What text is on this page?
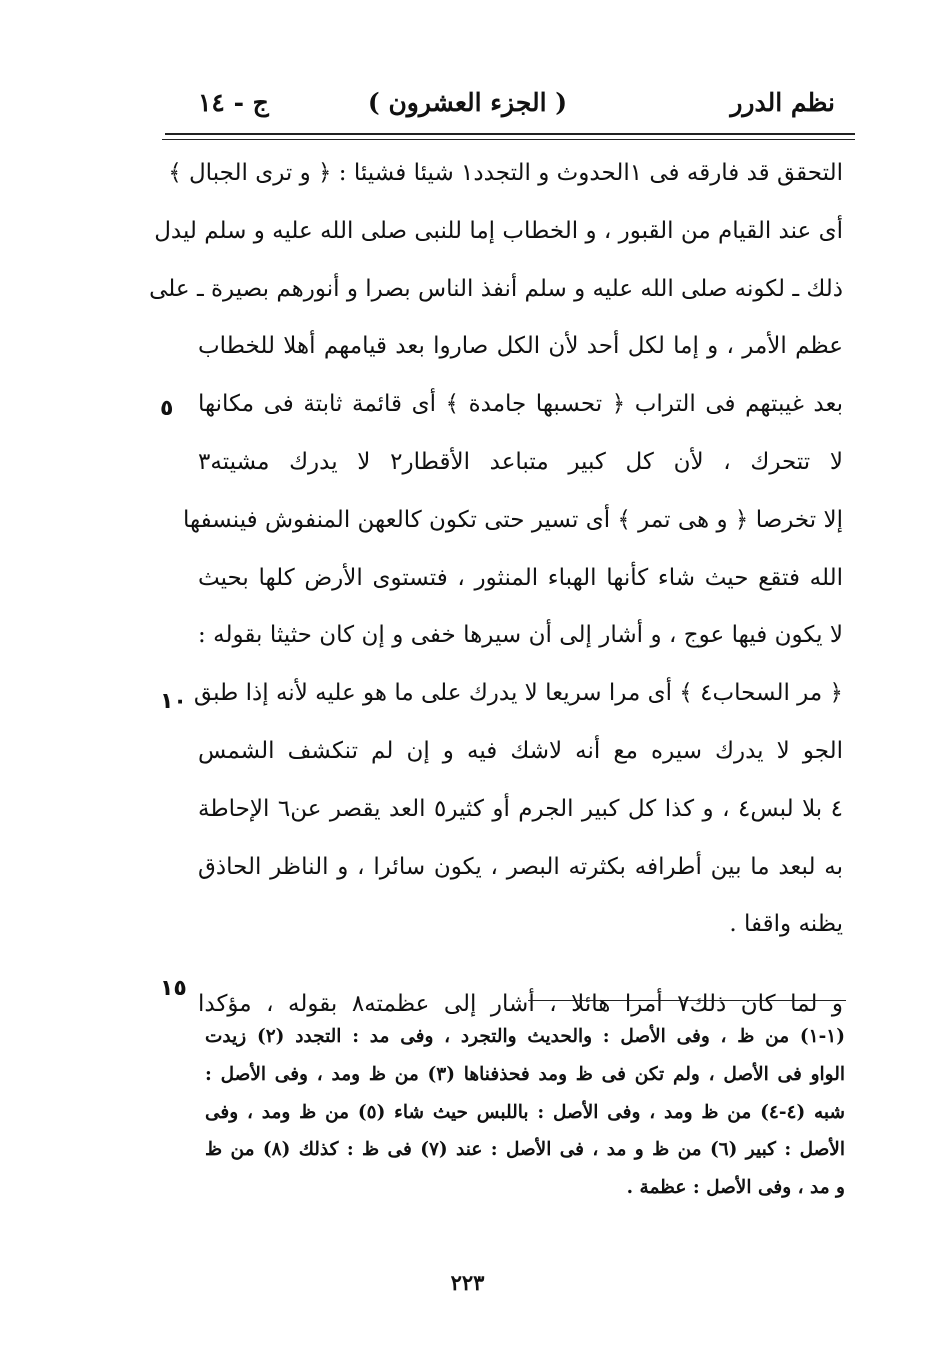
نظم الدرر
( الجزء العشرون )
ج - ١٤
التحقق قد فارقه فى ١الحدوث و التجدد١ شيئا فشيئا : ﴿ و ترى الجبال ﴾
أى عند القيام من القبور ، و الخطاب إما للنبى صلى الله عليه و سلم ليدل
ذلك ـ لكونه صلى الله عليه و سلم أنفذ الناس بصرا و أنورهم بصيرة ـ على
عظم الأمر ، و إما لكل أحد لأن الكل صاروا بعد قيامهم أهلا للخطاب
بعد غيبتهم فى التراب ﴿ تحسبها جامدة ﴾ أى قائمة ثابتة فى مكانها
لا تتحرك ، لأن كل كبير متباعد الأقطار٢ لا يدرك مشيته٣
إلا تخرصا ﴿ و هى تمر ﴾ أى تسير حتى تكون كالعهن المنفوش فينسفها
الله فتقع حيث شاء كأنها الهباء المنثور ، فتستوى الأرض كلها بحيث
لا يكون فيها عوج ، و أشار إلى أن سيرها خفى و إن كان حثيثا بقوله :
﴿ مر السحاب٤ ﴾ أى مرا سريعا لا يدرك على ما هو عليه لأنه إذا طبق
الجو لا يدرك سيره مع أنه لاشك فيه و إن لم تنكشف الشمس
٤ بلا لبس٤ ، و كذا كل كبير الجرم أو كثير٥ العد يقصر عن٦ الإحاطة
به لبعد ما بين أطرافه بكثرته البصر ، يكون سائرا ، و الناظر الحاذق
يظنه واقفا .
و لما كان ذلك٧ أمرا هائلا ، أشار إلى عظمته٨ بقوله ، مؤكدا
٥
١٠
١٥
(١-١) من ظ ، وفى الأصل : والحديث والتجرد ، وفى مد : التجدد (٢) زيدت
الواو فى الأصل ، ولم تكن فى ظ ومد فحذفناها (٣) من ظ ومد ، وفى الأصل :
شبه (٤-٤) من ظ ومد ، وفى الأصل : باللبس حيث شاء (٥) من ظ ومد ، وفى
الأصل : كبير (٦) من ظ و مد ، فى الأصل : عند (٧) فى ظ : كذلك (٨) من ظ
و مد ، وفى الأصل : عظمة .
٢٢٣
